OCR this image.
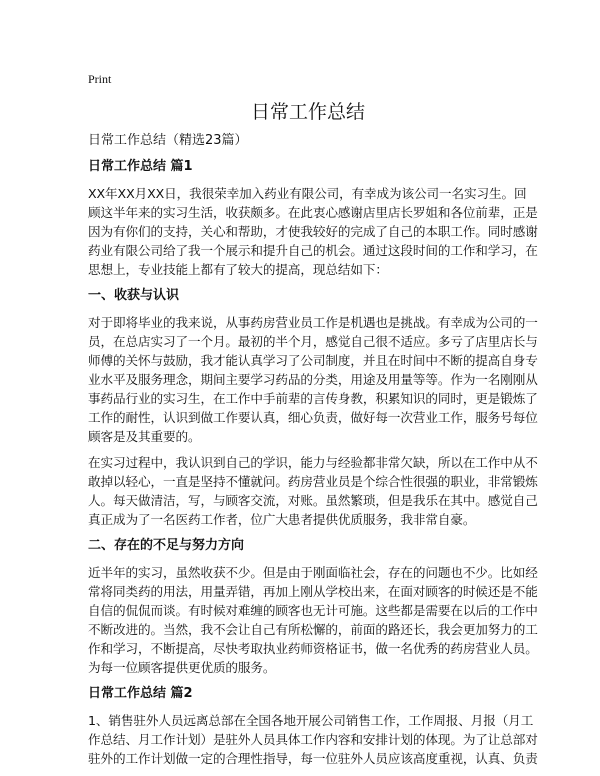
Print
日常工作总结
日常工作总结（精选23篇）
日常工作总结 篇1
XX年XX月XX日，我很荣幸加入药业有限公司，有幸成为该公司一名实习生。回
顾这半年来的实习生活，收获颇多。在此衷心感谢店里店长罗姐和各位前辈，正是
因为有你们的支持，关心和帮助，才使我较好的完成了自己的本职工作。同时感谢
药业有限公司给了我一个展示和提升自己的机会。通过这段时间的工作和学习，在
思想上，专业技能上都有了较大的提高，现总结如下：
一、收获与认识
对于即将毕业的我来说，从事药房营业员工作是机遇也是挑战。有幸成为公司的一
员，在总店实习了一个月。最初的半个月，感觉自己很不适应。多亏了店里店长与
师傅的关怀与鼓励，我才能认真学习了公司制度，并且在时间中不断的提高自身专
业水平及服务理念，期间主要学习药品的分类，用途及用量等等。作为一名刚刚从
事药品行业的实习生，在工作中手前辈的言传身教，积累知识的同时，更是锻炼了
工作的耐性，认识到做工作要认真，细心负责，做好每一次营业工作，服务号每位
顾客是及其重要的。
在实习过程中，我认识到自己的学识，能力与经验都非常欠缺，所以在工作中从不
敢掉以轻心，一直是坚持不懂就问。药房营业员是个综合性很强的职业，非常锻炼
人。每天做清洁，写，与顾客交流，对账。虽然繁琐，但是我乐在其中。感觉自己
真正成为了一名医药工作者，位广大患者提供优质服务，我非常自豪。
二、存在的不足与努力方向
近半年的实习，虽然收获不少。但是由于刚面临社会，存在的问题也不少。比如经
常将同类药的用法，用量弄错，再加上刚从学校出来，在面对顾客的时候还是不能
自信的侃侃而谈。有时候对难缠的顾客也无计可施。这些都是需要在以后的工作中
不断改进的。当然，我不会让自己有所松懈的，前面的路还长，我会更加努力的工
作和学习，不断提高，尽快考取执业药师资格证书，做一名优秀的药房营业人员。
为每一位顾客提供更优质的服务。
日常工作总结 篇2
1、销售驻外人员远离总部在全国各地开展公司销售工作，工作周报、月报（月工
作总结、月工作计划）是驻外人员具体工作内容和安排计划的体现。为了让总部对
驻外的工作计划做一定的合理性指导，每一位驻外人员应该高度重视，认真、负责
